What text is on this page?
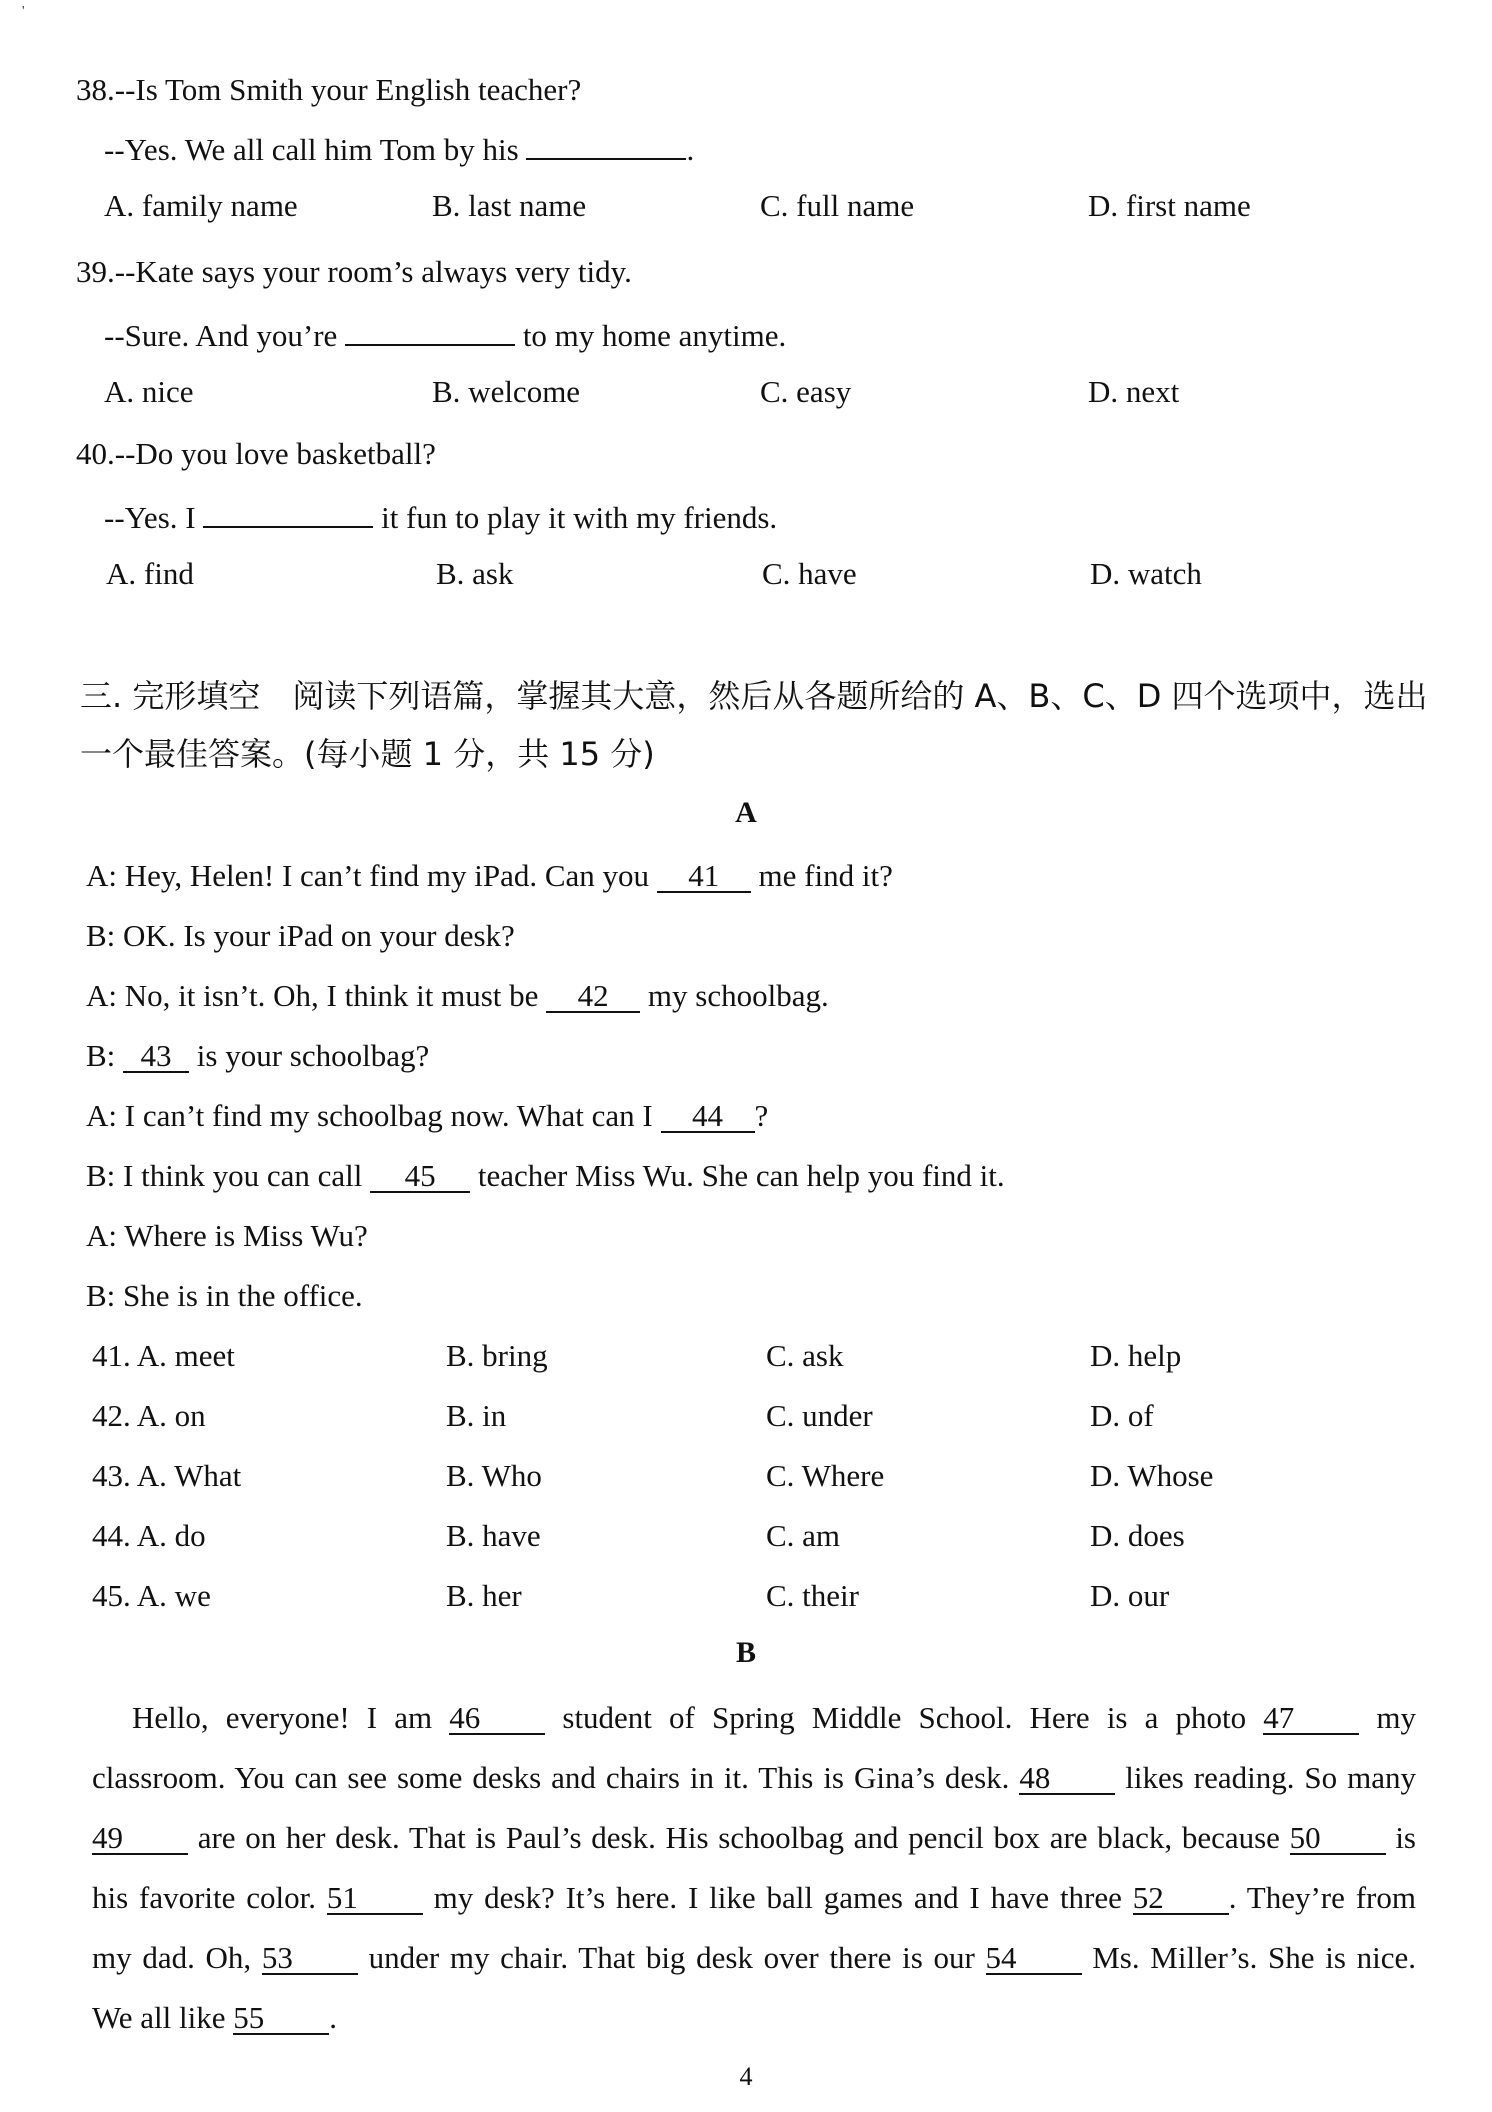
'
38.--Is Tom Smith your English teacher?
--Yes. We all call him Tom by his	.
A. family name	B. last name	C. full name	D. first name
39.--Kate says your room’s always very tidy.
--Sure. And you’re	to my home anytime.
A. nice	B. welcome	C. easy	D. next
40.--Do you love basketball?
--Yes. I	it fun to play it with my friends.
A. find	B. ask	C. have	D. watch
三. 完形填空　阅读下列语篇，掌握其大意，然后从各题所给的 A、B、C、D 四个选项中，选出
一个最佳答案。(每小题 1 分，共 15 分)
A
A: Hey, Helen! I can’t find my iPad. Can you 41 me find it?
B: OK. Is your iPad on your desk?
A: No, it isn’t. Oh, I think it must be 42 my schoolbag.
B: 43 is your schoolbag?
A: I can’t find my schoolbag now. What can I 44 ?
B: I think you can call 45 teacher Miss Wu. She can help you find it.
A: Where is Miss Wu?
B: She is in the office.
41. A. meet	B. bring	C. ask	D. help
42. A. on	B. in	C. under	D. of
43. A. What	B. Who	C. Where	D. Whose
44. A. do	B. have	C. am	D. does
45. A. we	B. her	C. their	D. our
B
Hello, everyone! I am 46 student of Spring Middle School. Here is a photo 47 my
classroom. You can see some desks and chairs in it. This is Gina’s desk. 48 likes reading. So many
49 are on her desk. That is Paul’s desk. His schoolbag and pencil box are black, because 50 is
his favorite color. 51 my desk? It’s here. I like ball games and I have three 52 . They’re from
my dad. Oh, 53 under my chair. That big desk over there is our 54 Ms. Miller’s. She is nice.
We all like 55 .
4
